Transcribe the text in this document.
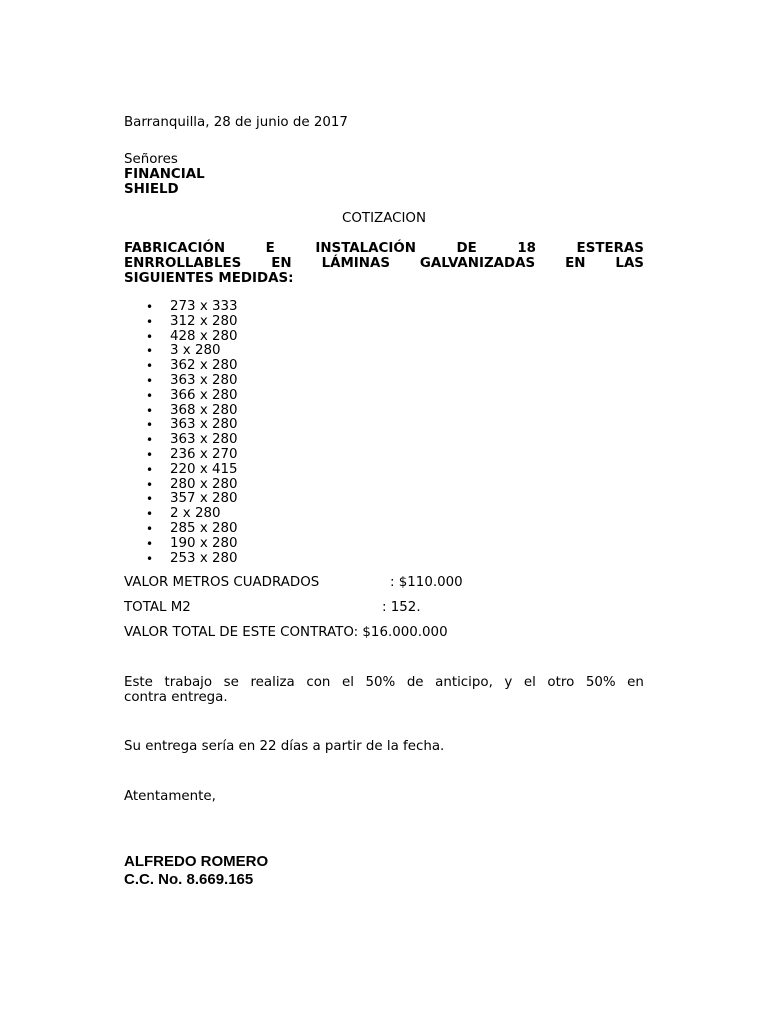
Barranquilla, 28 de junio de 2017
Señores
FINANCIAL
SHIELD
COTIZACION
FABRICACIÓN	E	INSTALACIÓN	DE	18	ESTERAS
ENRROLLABLES EN LÁMINAS GALVANIZADAS EN LAS
SIGUIENTES MEDIDAS:
• 273 x 333
• 312 x 280
• 428 x 280
• 3 x 280
• 362 x 280
• 363 x 280
• 366 x 280
• 368 x 280
• 363 x 280
• 363 x 280
• 236 x 270
• 220 x 415
• 280 x 280
• 357 x 280
• 2 x 280
• 285 x 280
• 190 x 280
• 253 x 280
VALOR METROS CUADRADOS	: $110.000
TOTAL M2	: 152.
VALOR TOTAL DE ESTE CONTRATO: $16.000.000
Este trabajo se realiza con el 50% de anticipo, y el otro 50% en
contra entrega.
Su entrega sería en 22 días a partir de la fecha.
Atentamente,
ALFREDO ROMERO
C.C. No. 8.669.165
